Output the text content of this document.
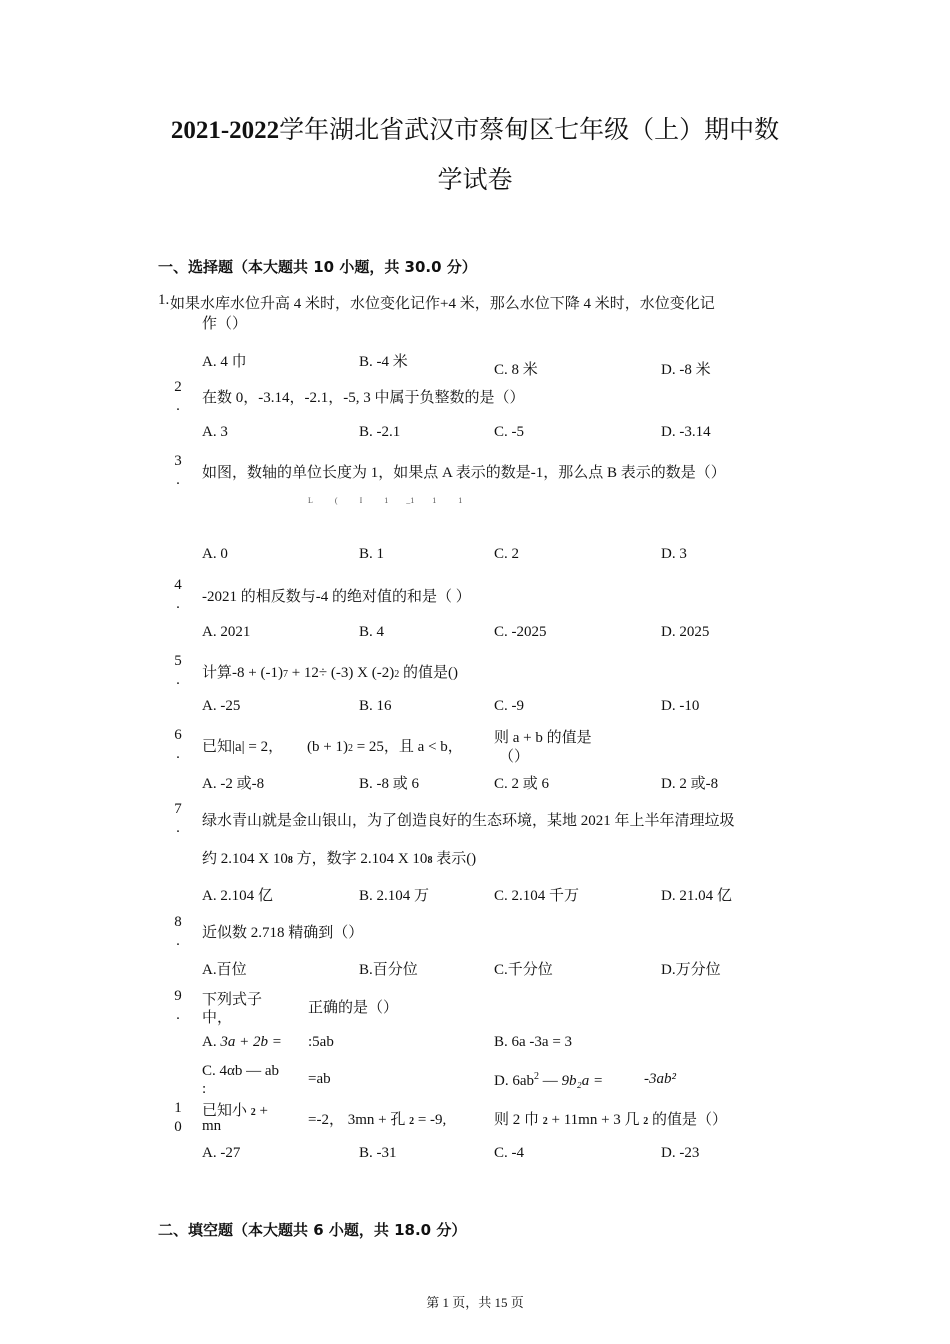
2021-2022学年湖北省武汉市蔡甸区七年级（上）期中数
学试卷
一、选择题（本大题共 10 小题，共 30.0 分）
1. 如果水库水位升高 4 米时，水位变化记作+4 米，那么水位下降 4 米时，水位变化记
作（）
A. 4 巾	B. -4 米	C. 8 米	D. -8 米
2
.	在数 0，-3.14，-2.1，-5, 3 中属于负整数的是（）
A. 3	B. -2.1	C. -5	D. -3.14
3
.	如图，数轴的单位长度为 1，如果点 A 表示的数是-1，那么点 B 表示的数是（）
L	(	I	1 _1 1	1
A. 0	B. 1	C. 2	D. 3
4
.	-2021 的相反数与-4 的绝对值的和是（ ）
A. 2021	B. 4	C. -2025	D. 2025
5
.	计算-8 + (-1)7 + 12÷ (-3) X (-2)2 的值是()
A. -25	B. 16	C. -9	D. -10
6
.	已知|a| = 2， (b + 1)2 = 25，且 a < b，
则 a + b 的值是
（）
A. -2 或-8	B. -8 或 6	C. 2 或 6	D. 2 或-8
7
.	绿水青山就是金山银山，为了创造良好的生态环境，某地 2021 年上半年清理垃圾
约 2.104 X 108 方，数字 2.104 X 108 表示()
A. 2.104 亿	B. 2.104 万	C. 2.104 千万	D. 21.04 亿
8
.	近似数 2.718 精确到（）
A.百位	B.百分位	C.千分位	D.万分位
9
.
下列式子
中，
正确的是（）
A. 3a + 2b = :5ab	B. 6a -3a = 3
C. 4αb — ab
:
=ab	D. $6ab^2$ — 9b₂a =	-3ab²
1
0
已知小 2 +
mn	=-2， 3mn + 孔 2 = -9,	则 2 巾 2 + 11mn + 3 几 2 的值是（）
A. -27	B. -31	C. -4	D. -23
二、填空题（本大题共 6 小题，共 18.0 分）
第 1 页，共 15 页
